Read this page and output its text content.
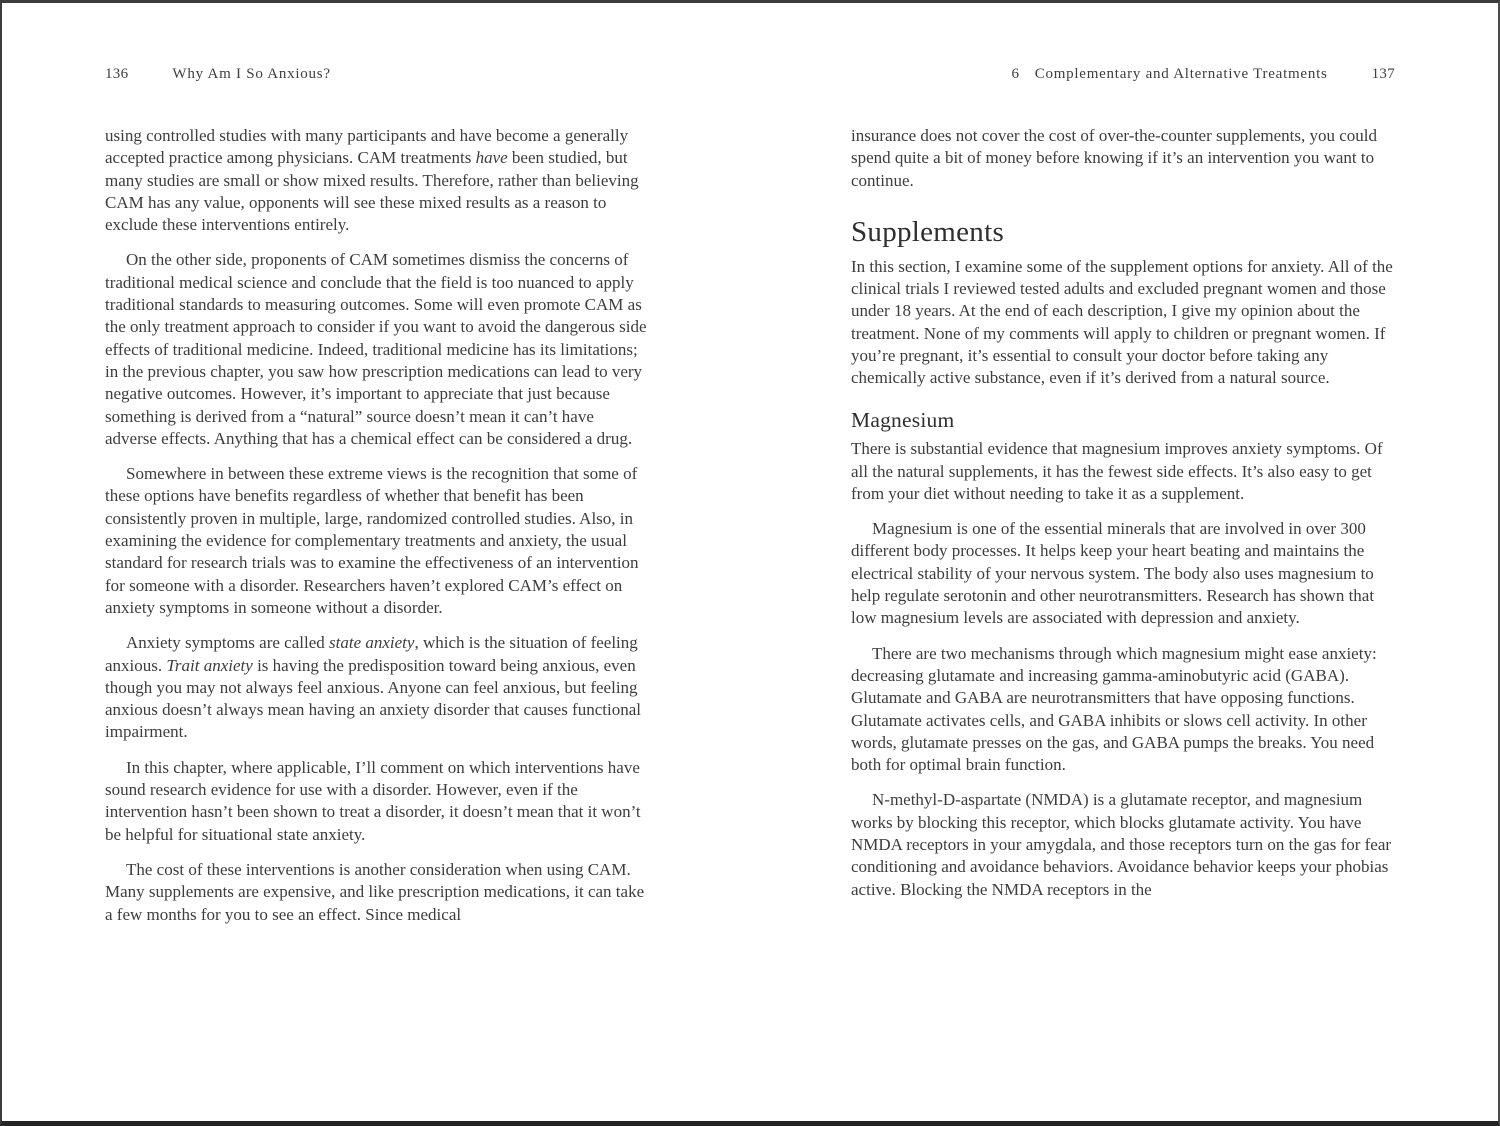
136	Why Am I So Anxious?

using controlled studies with many participants and have become a generally accepted practice among physicians. CAM treatments have been studied, but many studies are small or show mixed results. Therefore, rather than believing CAM has any value, opponents will see these mixed results as a reason to exclude these interventions entirely.

On the other side, proponents of CAM sometimes dismiss the concerns of traditional medical science and conclude that the field is too nuanced to apply traditional standards to measuring outcomes. Some will even promote CAM as the only treatment approach to consider if you want to avoid the dangerous side effects of traditional medicine. Indeed, traditional medicine has its limitations; in the previous chapter, you saw how prescription medications can lead to very negative outcomes. However, it’s important to appreciate that just because something is derived from a “natural” source doesn’t mean it can’t have adverse effects. Anything that has a chemical effect can be considered a drug.

Somewhere in between these extreme views is the recognition that some of these options have benefits regardless of whether that benefit has been consistently proven in multiple, large, randomized controlled studies. Also, in examining the evidence for complementary treatments and anxiety, the usual standard for research trials was to examine the effectiveness of an intervention for someone with a disorder. Researchers haven’t explored CAM’s effect on anxiety symptoms in someone without a disorder.

Anxiety symptoms are called state anxiety, which is the situation of feeling anxious. Trait anxiety is having the predisposition toward being anxious, even though you may not always feel anxious. Anyone can feel anxious, but feeling anxious doesn’t always mean having an anxiety disorder that causes functional impairment.

In this chapter, where applicable, I’ll comment on which interventions have sound research evidence for use with a disorder. However, even if the intervention hasn’t been shown to treat a disorder, it doesn’t mean that it won’t be helpful for situational state anxiety.

The cost of these interventions is another consideration when using CAM. Many supplements are expensive, and like prescription medications, it can take a few months for you to see an effect. Since medical

6 Complementary and Alternative Treatments	137

insurance does not cover the cost of over-the-counter supplements, you could spend quite a bit of money before knowing if it’s an intervention you want to continue.

Supplements

In this section, I examine some of the supplement options for anxiety. All of the clinical trials I reviewed tested adults and excluded pregnant women and those under 18 years. At the end of each description, I give my opinion about the treatment. None of my comments will apply to children or pregnant women. If you’re pregnant, it’s essential to consult your doctor before taking any chemically active substance, even if it’s derived from a natural source.

Magnesium

There is substantial evidence that magnesium improves anxiety symptoms. Of all the natural supplements, it has the fewest side effects. It’s also easy to get from your diet without needing to take it as a supplement.

Magnesium is one of the essential minerals that are involved in over 300 different body processes. It helps keep your heart beating and maintains the electrical stability of your nervous system. The body also uses magnesium to help regulate serotonin and other neurotransmitters. Research has shown that low magnesium levels are associated with depression and anxiety.

There are two mechanisms through which magnesium might ease anxiety: decreasing glutamate and increasing gamma-aminobutyric acid (GABA). Glutamate and GABA are neurotransmitters that have opposing functions. Glutamate activates cells, and GABA inhibits or slows cell activity. In other words, glutamate presses on the gas, and GABA pumps the breaks. You need both for optimal brain function.

N-methyl-D-aspartate (NMDA) is a glutamate receptor, and magnesium works by blocking this receptor, which blocks glutamate activity. You have NMDA receptors in your amygdala, and those receptors turn on the gas for fear conditioning and avoidance behaviors. Avoidance behavior keeps your phobias active. Blocking the NMDA receptors in the
